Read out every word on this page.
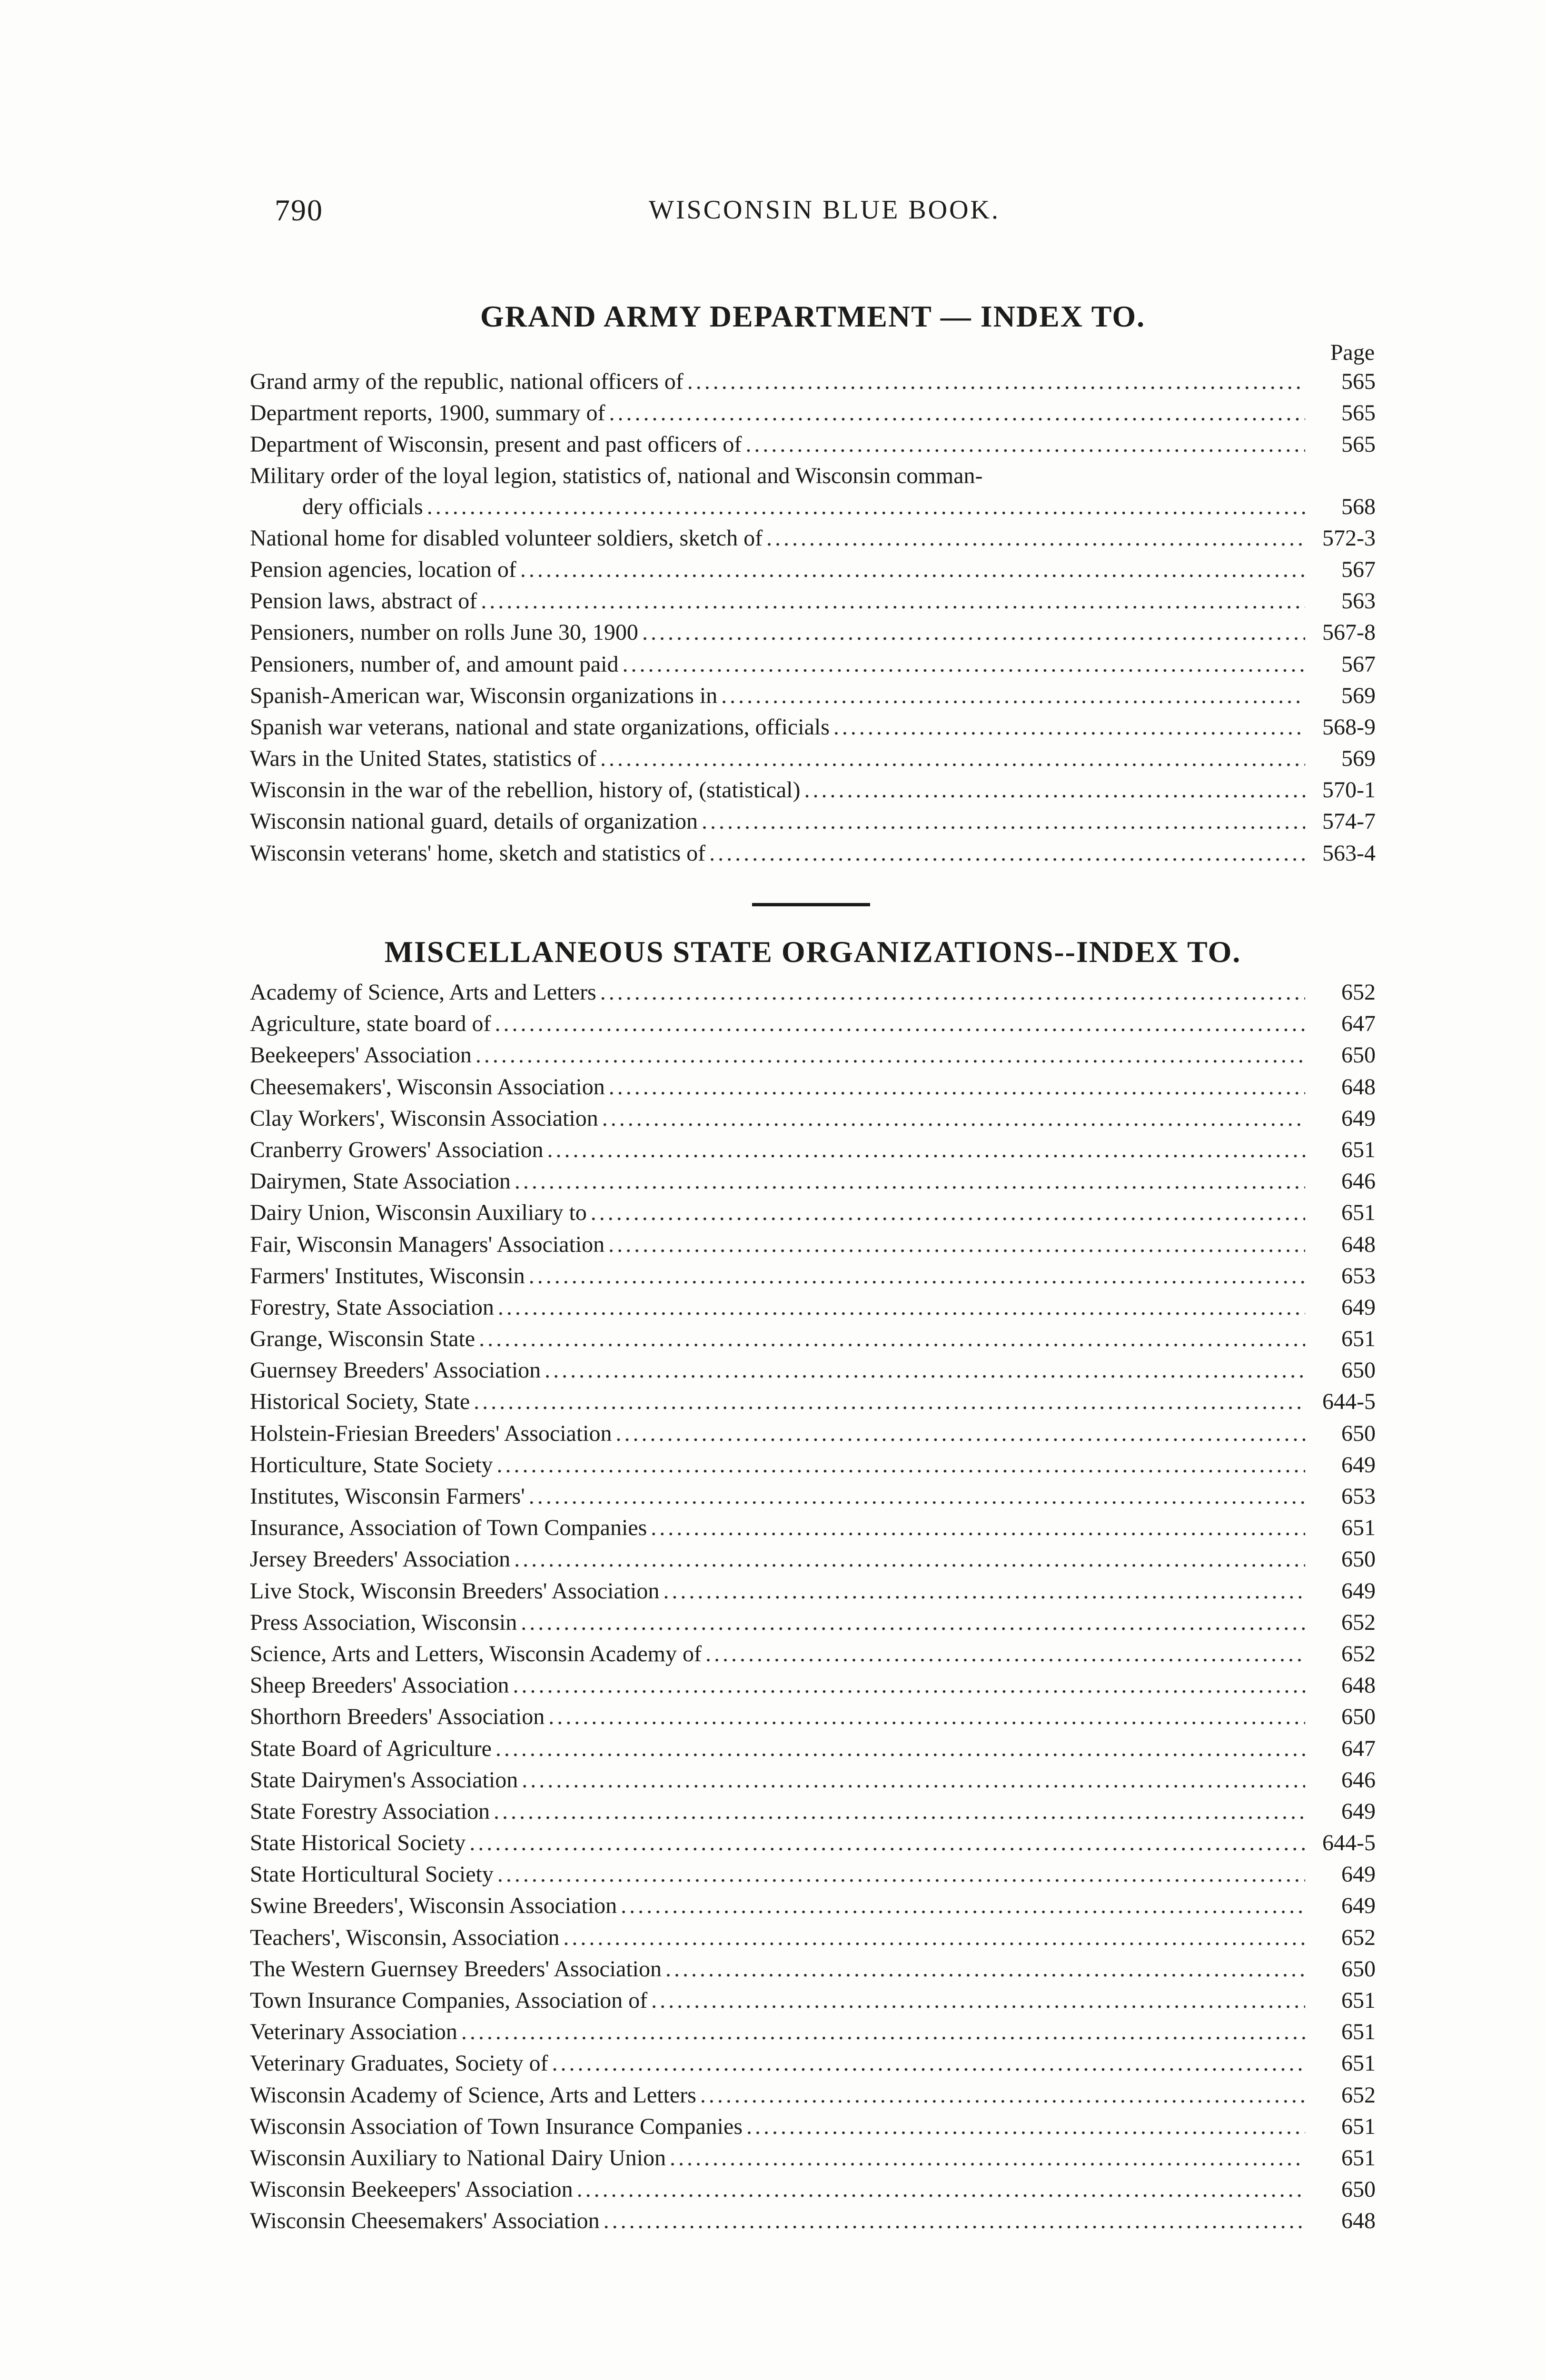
790	WISCONSIN BLUE BOOK.
GRAND ARMY DEPARTMENT — INDEX TO.
Page
Grand army of the republic, national officers of .....	565
Department reports, 1900, summary of .....	565
Department of Wisconsin, present and past officers of .....	565
Military order of the loyal legion, statistics of, national and Wisconsin comman-
dery officials .....	568
National home for disabled volunteer soldiers, sketch of .....	572-3
Pension agencies, location of .....	567
Pension laws, abstract of .....	563
Pensioners, number on rolls June 30, 1900 .....	567-8
Pensioners, number of, and amount paid .....	567
Spanish-American war, Wisconsin organizations in .....	569
Spanish war veterans, national and state organizations, officials .....	568-9
Wars in the United States, statistics of .....	569
Wisconsin in the war of the rebellion, history of, (statistical) .....	570-1
Wisconsin national guard, details of organization .....	574-7
Wisconsin veterans' home, sketch and statistics of .....	563-4
MISCELLANEOUS STATE ORGANIZATIONS--INDEX TO.
Academy of Science, Arts and Letters .....	652
Agriculture, state board of .....	647
Beekeepers' Association .....	650
Cheesemakers', Wisconsin Association .....	648
Clay Workers', Wisconsin Association .....	649
Cranberry Growers' Association .....	651
Dairymen, State Association .....	646
Dairy Union, Wisconsin Auxiliary to .....	651
Fair, Wisconsin Managers' Association .....	648
Farmers' Institutes, Wisconsin .....	653
Forestry, State Association .....	649
Grange, Wisconsin State .....	651
Guernsey Breeders' Association .....	650
Historical Society, State .....	644-5
Holstein-Friesian Breeders' Association .....	650
Horticulture, State Society .....	649
Institutes, Wisconsin Farmers' .....	653
Insurance, Association of Town Companies .....	651
Jersey Breeders' Association .....	650
Live Stock, Wisconsin Breeders' Association .....	649
Press Association, Wisconsin .....	652
Science, Arts and Letters, Wisconsin Academy of .....	652
Sheep Breeders' Association .....	648
Shorthorn Breeders' Association .....	650
State Board of Agriculture .....	647
State Dairymen's Association .....	646
State Forestry Association .....	649
State Historical Society .....	644-5
State Horticultural Society .....	649
Swine Breeders', Wisconsin Association .....	649
Teachers', Wisconsin, Association .....	652
The Western Guernsey Breeders' Association .....	650
Town Insurance Companies, Association of .....	651
Veterinary Association .....	651
Veterinary Graduates, Society of .....	651
Wisconsin Academy of Science, Arts and Letters .....	652
Wisconsin Association of Town Insurance Companies .....	651
Wisconsin Auxiliary to National Dairy Union .....	651
Wisconsin Beekeepers' Association .....	650
Wisconsin Cheesemakers' Association .....	648
